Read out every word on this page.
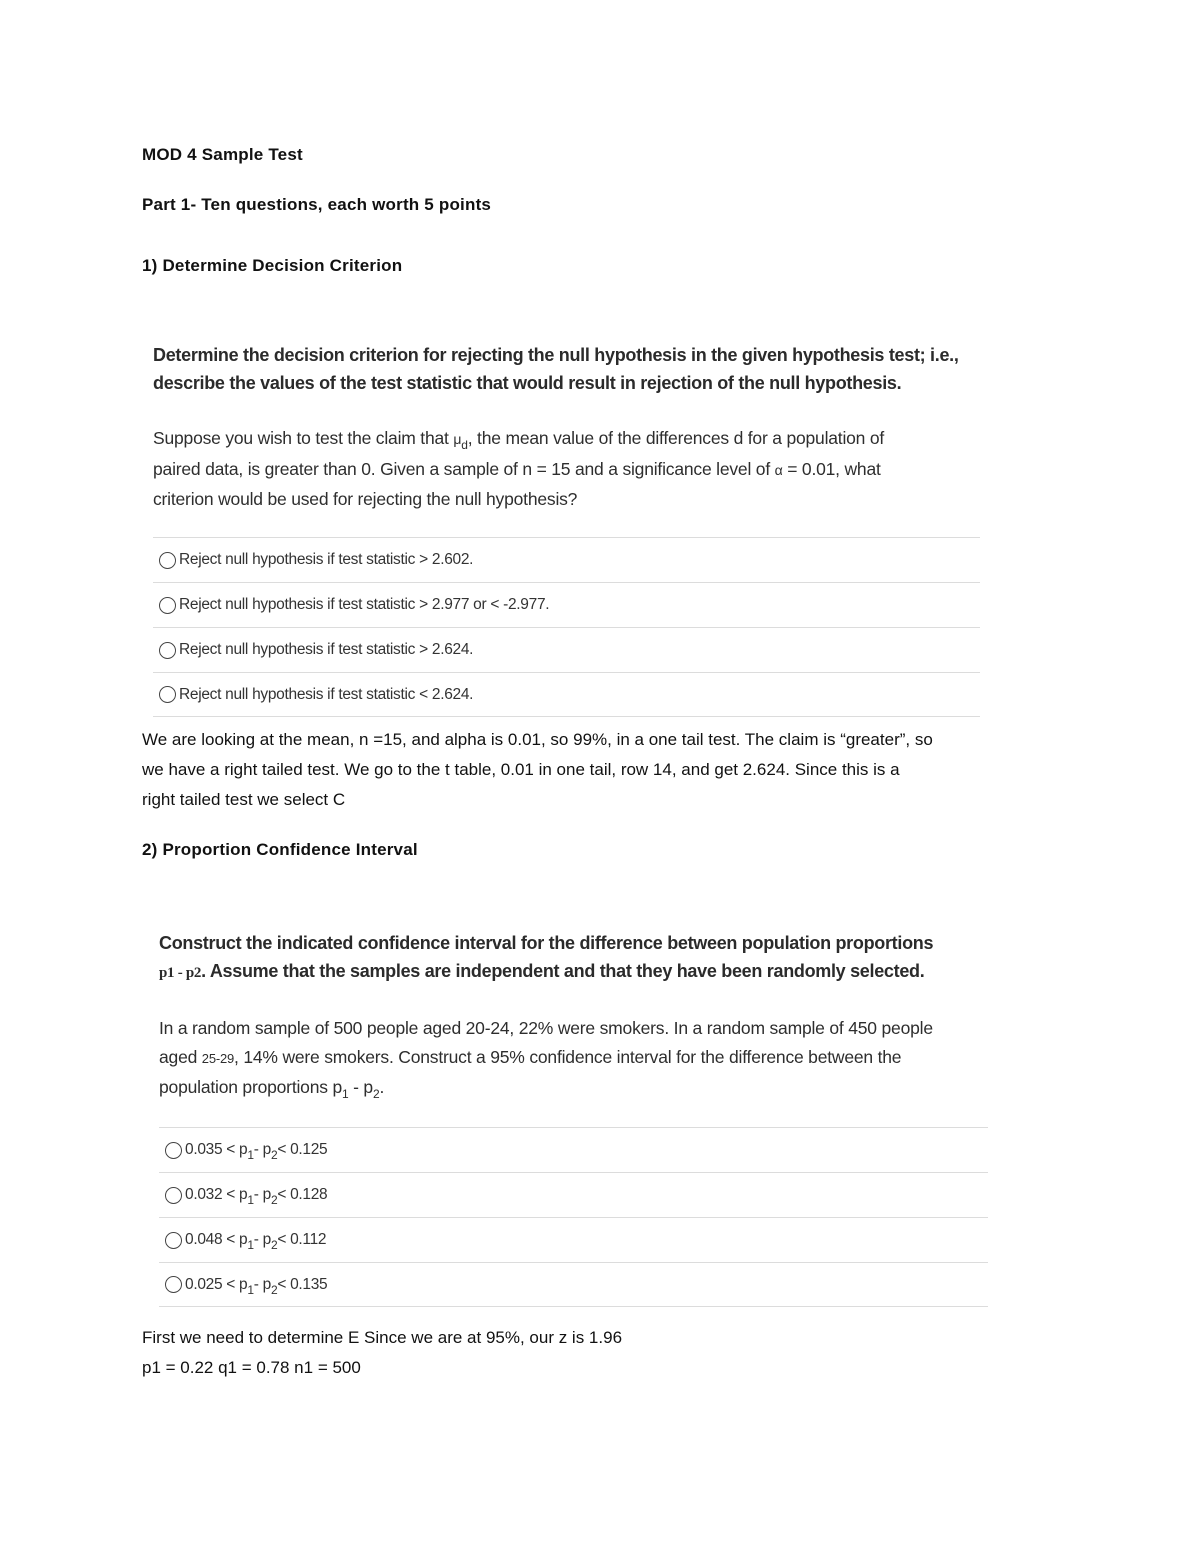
MOD 4 Sample Test

Part 1- Ten questions, each worth 5 points

1) Determine Decision Criterion

Determine the decision criterion for rejecting the null hypothesis in the given hypothesis test; i.e.,

describe the values of the test statistic that would result in rejection of the null hypothesis.

Suppose you wish to test the claim that $\mu_d$, the mean value of the differences d for a population of

paired data, is greater than 0. Given a sample of n = 15 and a significance level of α = 0.01, what

criterion would be used for rejecting the null hypothesis?

Reject null hypothesis if test statistic > 2.602.
Reject null hypothesis if test statistic > 2.977 or < -2.977.
Reject null hypothesis if test statistic > 2.624.
Reject null hypothesis if test statistic < 2.624.
We are looking at the mean, n =15, and alpha is 0.01, so 99%, in a one tail test. The claim is “greater”, so
we have a right tailed test. We go to the t table, 0.01 in one tail, row 14, and get 2.624. Since this is a
right tailed test we select C

2) Proportion Confidence Interval

Construct the indicated confidence interval for the difference between population proportions

p1 - p2. Assume that the samples are independent and that they have been randomly selected.

In a random sample of 500 people aged 20-24, 22% were smokers. In a random sample of 450 people

aged 25-29, 14% were smokers. Construct a 95% confidence interval for the difference between the

population proportions $p_1 - p_2$.

0.035 < p 1 - p 2 < 0.125
0.032 < p 1 - p 2 < 0.128
0.048 < p 1 - p 2 < 0.112
0.025 < p 1 - p 2 < 0.135
First we need to determine E Since we are at 95%, our z is 1.96
p1 = 0.22 q1 = 0.78 n1 = 500
